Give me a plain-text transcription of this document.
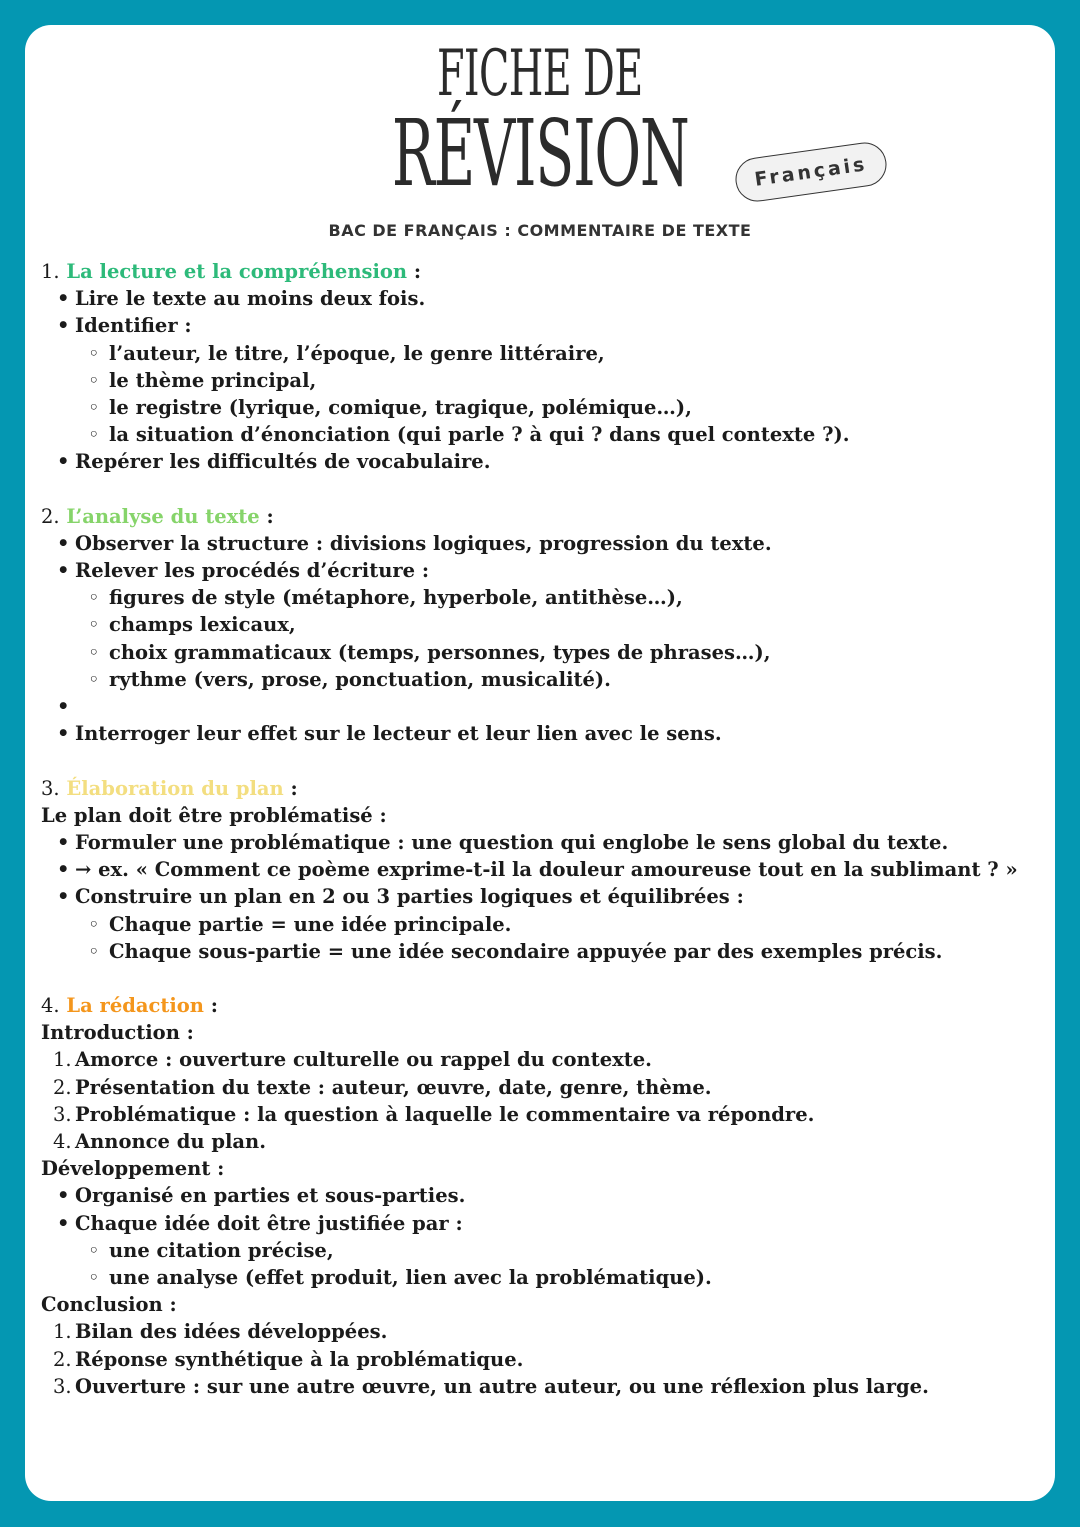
FICHE DE
RÉVISION	Français
BAC DE FRANÇAIS : COMMENTAIRE DE TEXTE
1. La lecture et la compréhension :
• Lire le texte au moins deux fois.
• Identifier :
◦ l’auteur, le titre, l’époque, le genre littéraire,
◦ le thème principal,
◦ le registre (lyrique, comique, tragique, polémique…),
◦ la situation d’énonciation (qui parle ? à qui ? dans quel contexte ?).
• Repérer les difficultés de vocabulaire.
2. L’analyse du texte :
• Observer la structure : divisions logiques, progression du texte.
• Relever les procédés d’écriture :
◦ figures de style (métaphore, hyperbole, antithèse…),
◦ champs lexicaux,
◦ choix grammaticaux (temps, personnes, types de phrases…),
◦ rythme (vers, prose, ponctuation, musicalité).
•
• Interroger leur effet sur le lecteur et leur lien avec le sens.
3. Élaboration du plan :
Le plan doit être problématisé :
• Formuler une problématique : une question qui englobe le sens global du texte.
• → ex. « Comment ce poème exprime-t-il la douleur amoureuse tout en la sublimant ? »
• Construire un plan en 2 ou 3 parties logiques et équilibrées :
◦ Chaque partie = une idée principale.
◦ Chaque sous-partie = une idée secondaire appuyée par des exemples précis.
4. La rédaction :
Introduction :
1. Amorce : ouverture culturelle ou rappel du contexte.
2. Présentation du texte : auteur, œuvre, date, genre, thème.
3. Problématique : la question à laquelle le commentaire va répondre.
4. Annonce du plan.
Développement :
• Organisé en parties et sous-parties.
• Chaque idée doit être justifiée par :
◦ une citation précise,
◦ une analyse (effet produit, lien avec la problématique).
Conclusion :
1. Bilan des idées développées.
2. Réponse synthétique à la problématique.
3. Ouverture : sur une autre œuvre, un autre auteur, ou une réflexion plus large.
